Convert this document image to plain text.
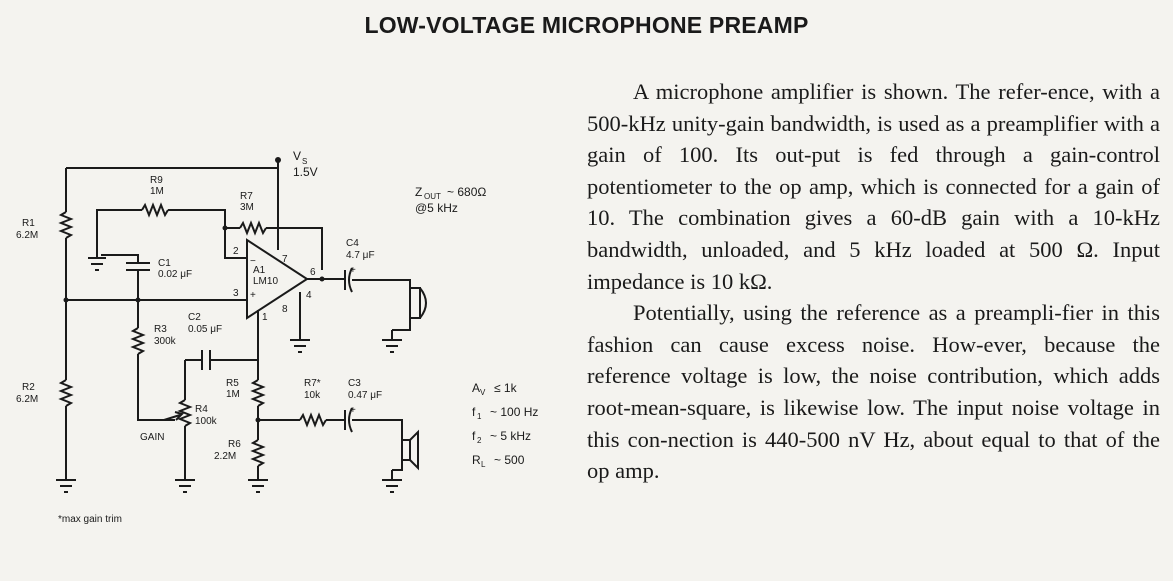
LOW-VOLTAGE MICROPHONE PREAMP
V S
1.5V
Z OUT ~ 680Ω
@5 kHz
A1
LM10
−
+
2
3
7
6
8
4
1
R1
6.2M
R2
6.2M
R9
1M	R7
3M
C1
0.02 μF
C2
0.05 μF
R3
300k
R5
1M
R4
100k
GAIN
R6
2.2M
R7*
10k
C3
0.47 μF
C4
4.7 μF
+
+
A V ≤ 1k
f 1 ~ 100 Hz
f 2 ~ 5 kHz
R L ~ 500
*max gain trim

A microphone amplifier is shown. The refer-ence, with a 500-kHz unity-gain bandwidth, is used as a preamplifier with a gain of 100. Its out-put is fed through a gain-control potentiometer to the op amp, which is connected for a gain of 10. The combination gives a 60-dB gain with a 10-kHz bandwidth, unloaded, and 5 kHz loaded at 500 Ω. Input impedance is 10 kΩ.

Potentially, using the reference as a preampli-fier in this fashion can cause excess noise. How-ever, because the reference voltage is low, the noise contribution, which adds root-mean-square, is likewise low. The input noise voltage in this con-nection is 440-500 nV Hz, about equal to that of the op amp.
